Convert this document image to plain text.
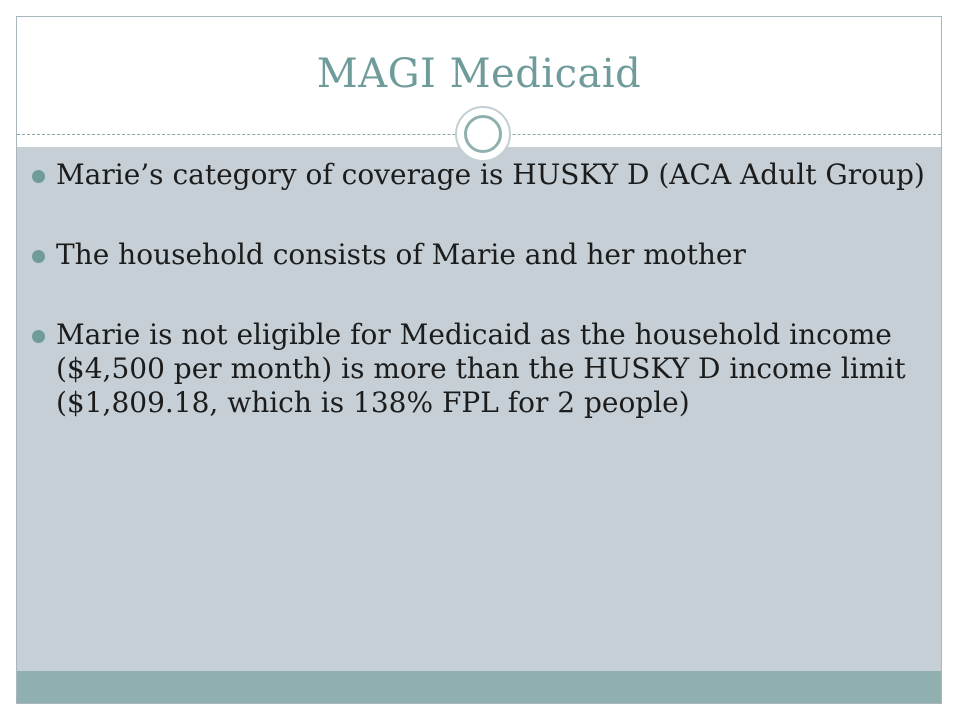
MAGI Medicaid
Marie’s category of coverage is HUSKY D (ACA Adult Group)
The household consists of Marie and her mother
Marie is not eligible for Medicaid as the household income ($4,500 per month) is more than the HUSKY D income limit ($1,809.18, which is 138% FPL for 2 people)
